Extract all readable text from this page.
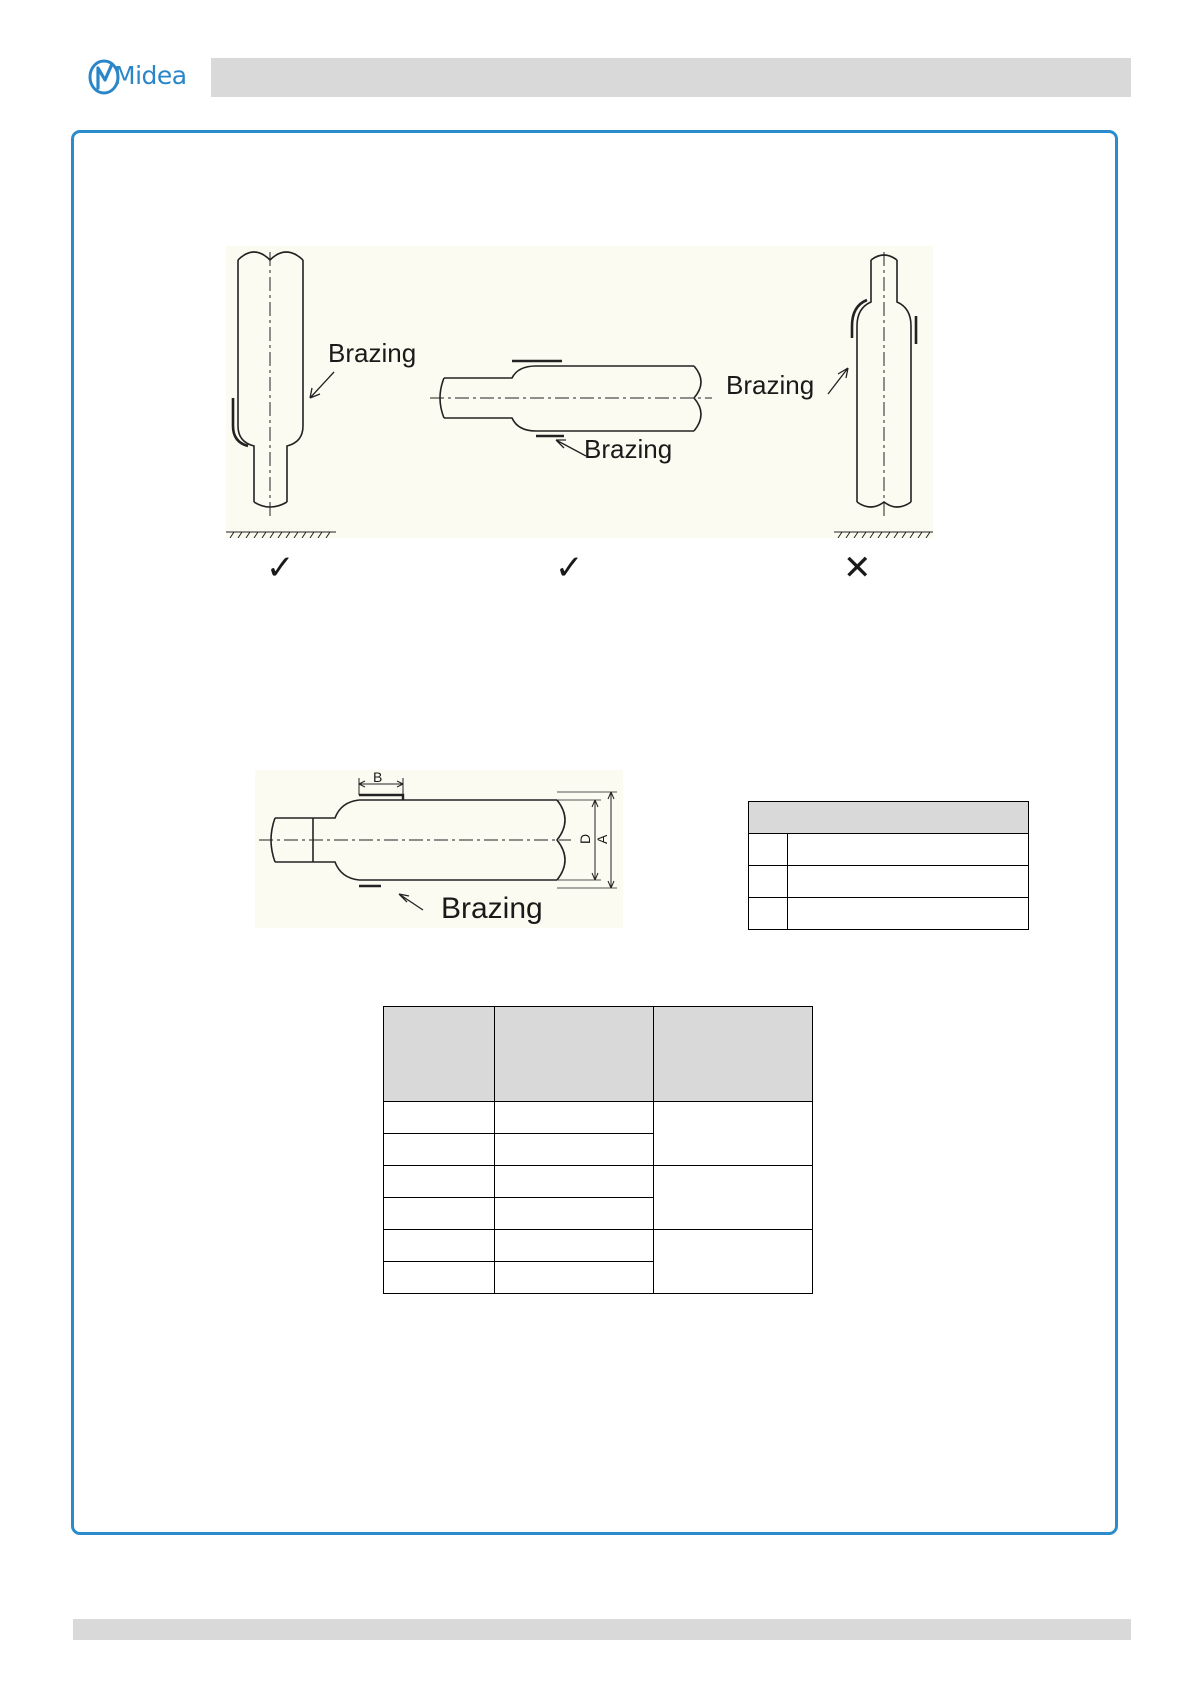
Midea
Brazing
Brazing
Brazing
✓	✓	✕
B
D A
Brazing
